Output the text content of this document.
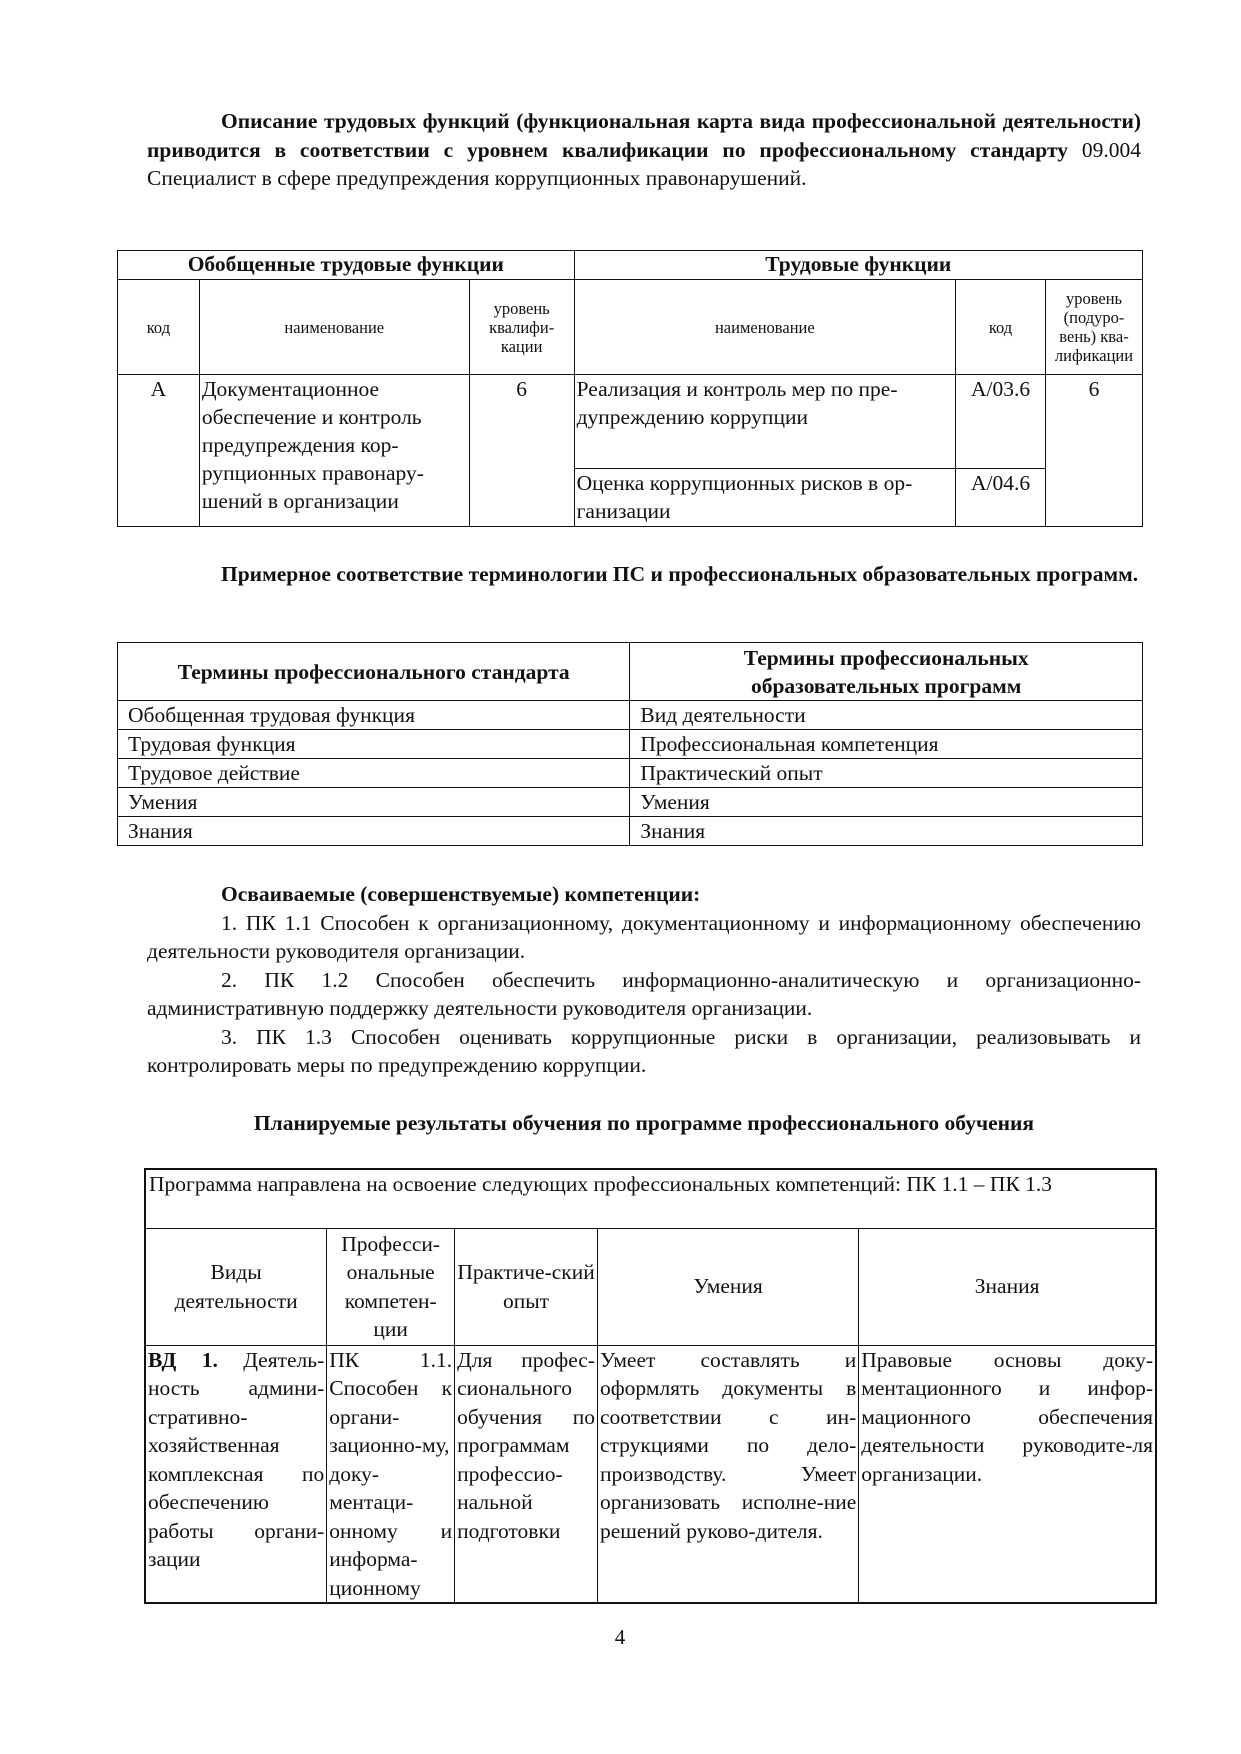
Описание трудовых функций (функциональная карта вида профессиональной деятельности) приводится в соответствии с уровнем квалификации по профессиональному стандарту 09.004 Специалист в сфере предупреждения коррупционных правонарушений.

Обобщенные трудовые функции			Трудовые функции		
код	наименование	уровень квалифи-кации	наименование	код	уровень (подуро-вень) ква-лификации
А	Документационное обеспечение и контроль предупреждения кор-рупционных правонару-шений в организации	6	Реализация и контроль мер по пре-дупреждению коррупции	А/03.6	6
			Оценка коррупционных рисков в ор-ганизации	А/04.6	

Примерное соответствие терминологии ПС и профессиональных образовательных программ.

Термины профессионального стандарта	Термины профессиональных образовательных программ
Обобщенная трудовая функция	Вид деятельности
Трудовая функция	Профессиональная компетенция
Трудовое действие	Практический опыт
Умения	Умения
Знания	Знания

Осваиваемые (совершенствуемые) компетенции:

1. ПК 1.1 Способен к организационному, документационному и информационному обеспечению деятельности руководителя организации.

2. ПК 1.2 Способен обеспечить информационно-аналитическую и организационно-административную поддержку деятельности руководителя организации.

3. ПК 1.3 Способен оценивать коррупционные риски в организации, реализовывать и контролировать меры по предупреждению коррупции.

Планируемые результаты обучения по программе профессионального обучения

Программа направлена на освоение следующих профессиональных компетенций: ПК 1.1 – ПК 1.3				
Виды деятельности	Професси-ональные компетен-ции	Практиче-ский опыт	Умения	Знания
ВД 1. Деятель-ность админи-стративно-хозяйственная комплексная по обеспечению работы органи-зации	ПК 1.1. Способен к органи-зационно-му, доку-ментаци-онному и информа-ционному	Для профес-сионального обучения по программам профессио-нальной подготовки	Умеет составлять и оформлять документы в соответствии с ин-струкциями по дело-производству. Умеет организовать исполне-ние решений руково-дителя.	Правовые основы доку-ментационного и инфор-мационного обеспечения деятельности руководите-ля организации.
4
